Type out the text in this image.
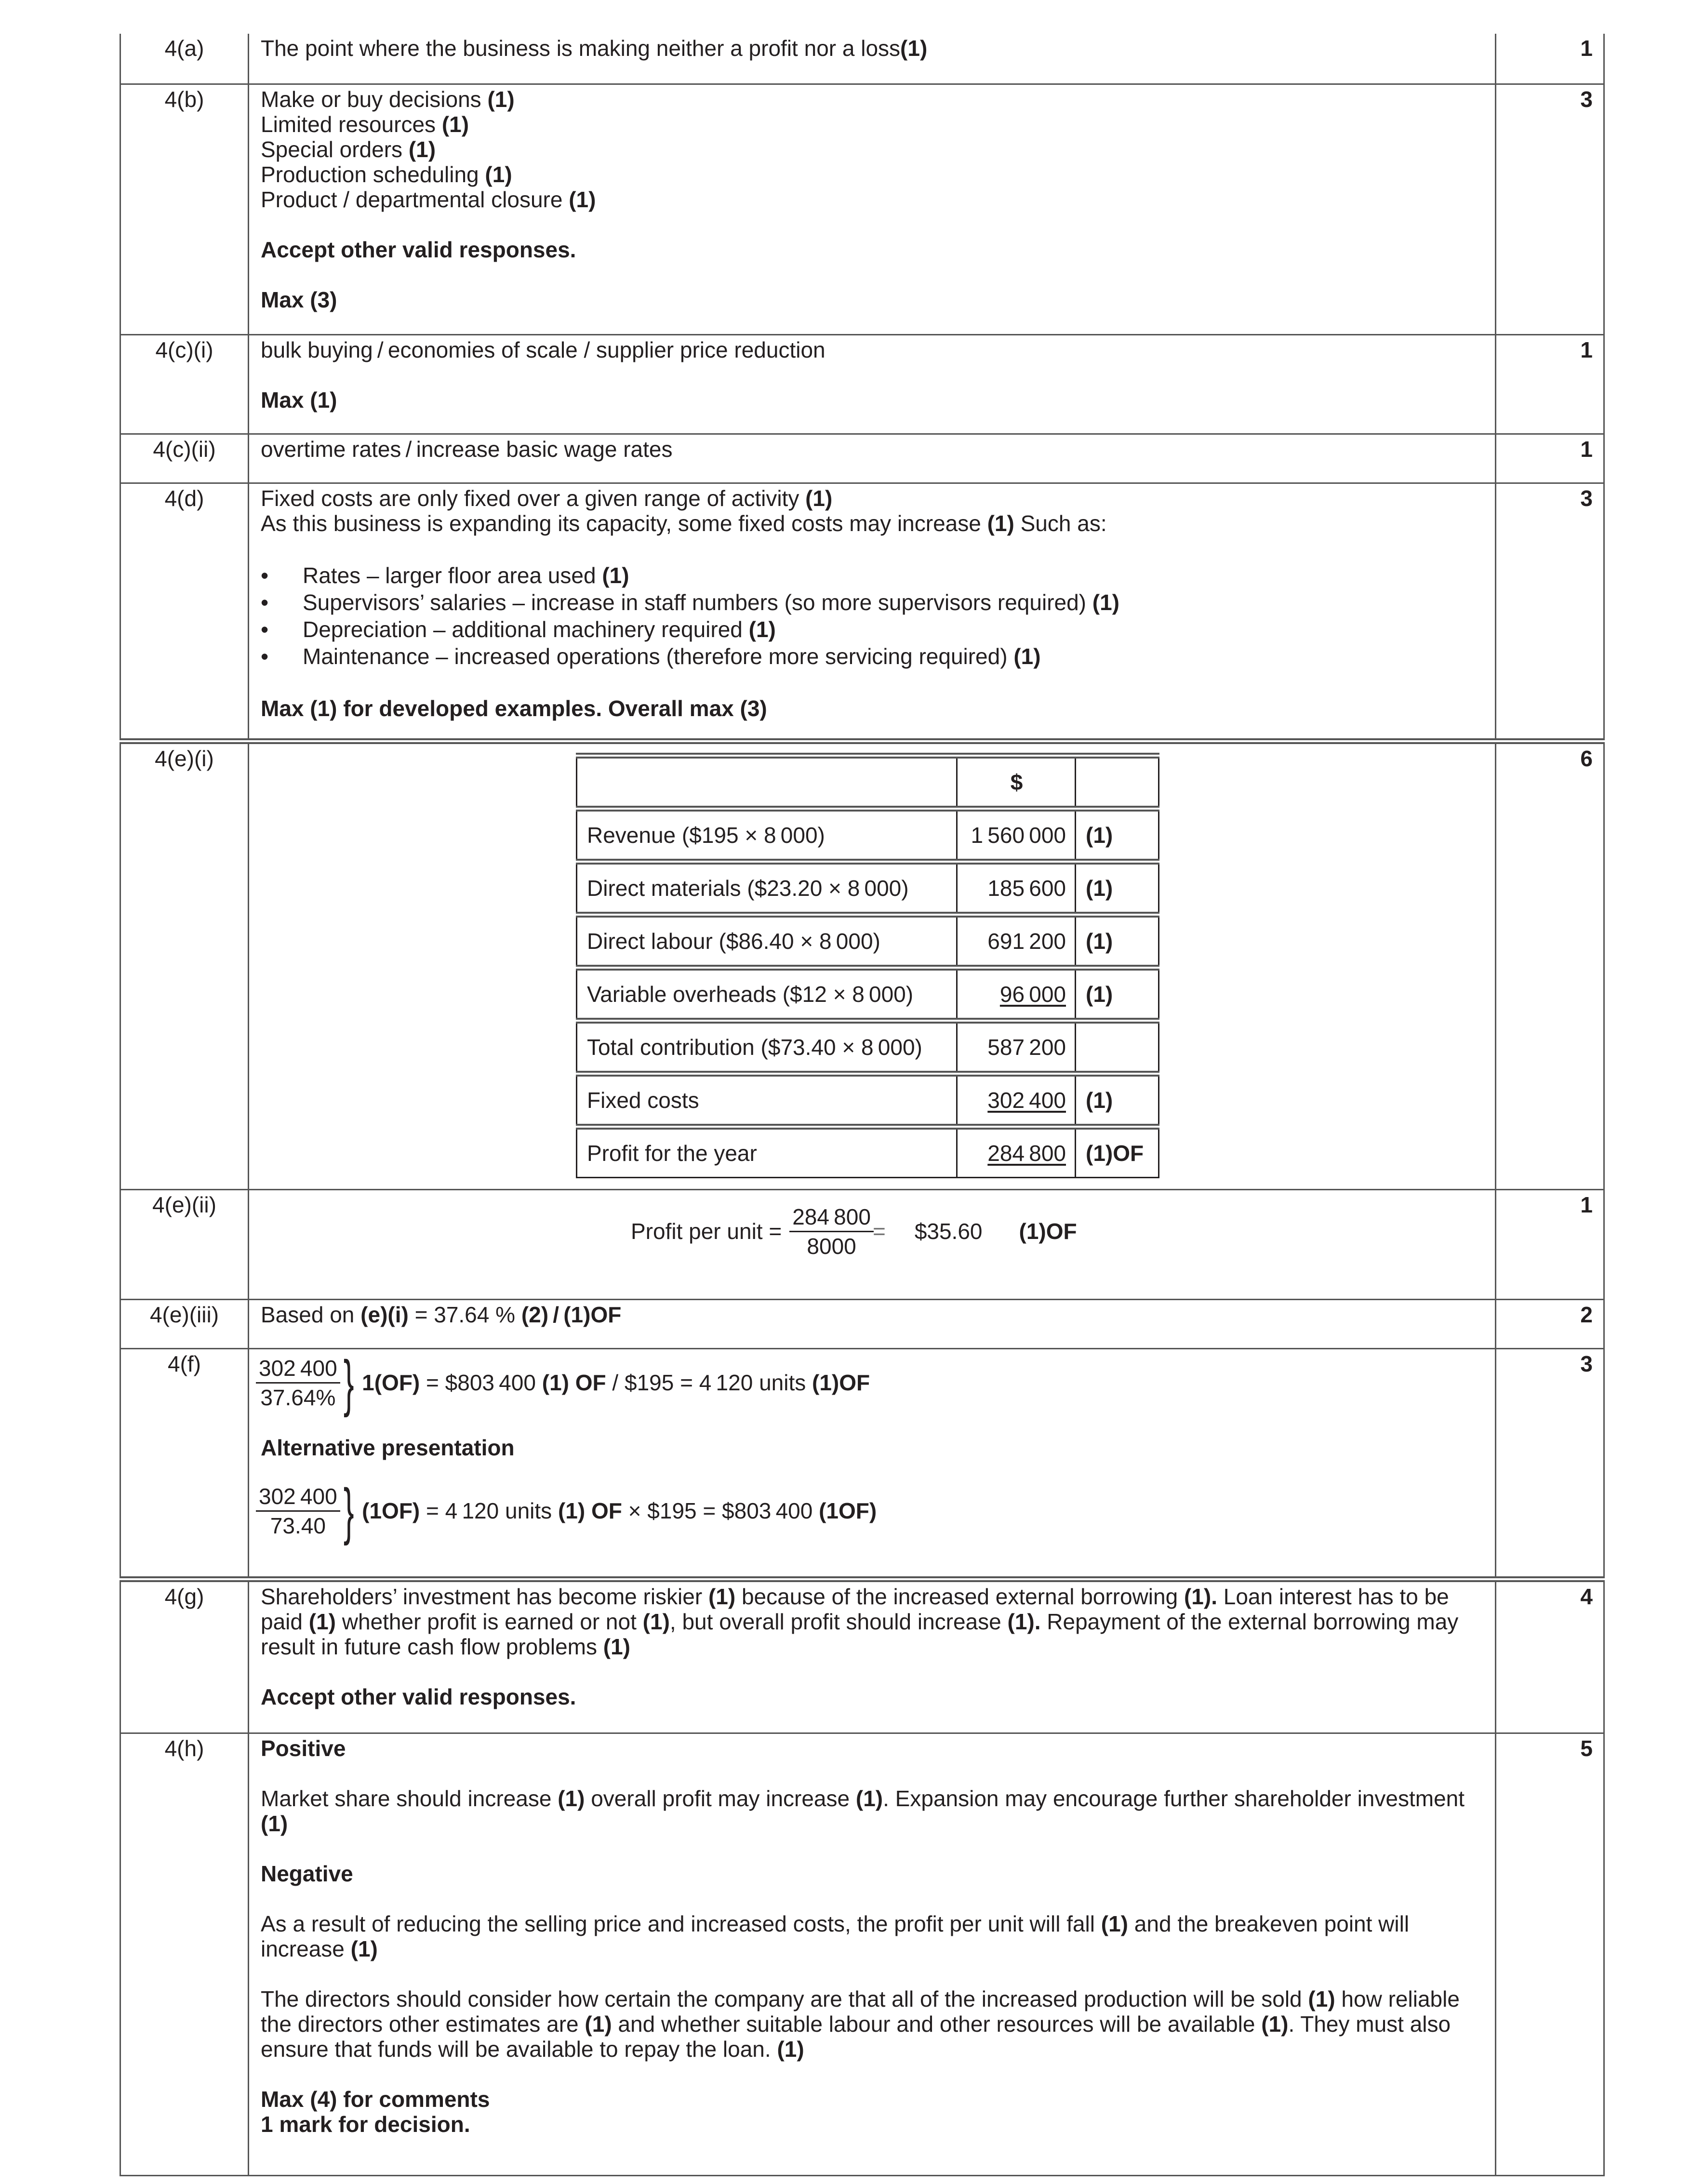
4(a)	The point where the business is making neither a profit nor a loss(1)	1
4(b)	Make or buy decisions (1)
Limited resources (1)
Special orders (1)
Production scheduling (1)
Product / departmental closure (1)
Accept other valid responses.
Max (3)
	3
4(c)(i)	bulk buying / economies of scale / supplier price reduction
Max (1)
	1
4(c)(ii)	overtime rates / increase basic wage rates	1
4(d)	Fixed costs are only fixed over a given range of activity (1)
As this business is expanding its capacity, some fixed costs may increase (1) Such as:
• Rates – larger floor area used (1)
• Supervisors’ salaries – increase in staff numbers (so more supervisors required) (1)
• Depreciation – additional machinery required (1)
• Maintenance – increased operations (therefore more servicing required) (1)
Max (1) for developed examples. Overall max (3)
	3
4(e)(i)	
	$	
Revenue ($195 × 8 000)	1 560 000	(1)
Direct materials ($23.20 × 8 000)	185 600	(1)
Direct labour ($86.40 × 8 000)	691 200	(1)
Variable overheads ($12 × 8 000)	96 000	(1)
Total contribution ($73.40 × 8 000)	587 200	
Fixed costs	302 400	(1)
Profit for the year	284 800	(1)OF
	6
4(e)(ii)	
Profit per unit = $\frac{284 800}{8000}$
= $35.60 (1)OF
	1
4(e)(iii)	Based on (e)(i) = 37.64 % (2) / (1)OF	2
4(f)	$\frac{302 400}{37.64\%}$ } 1(OF) = $803 400 (1) OF / $195 = 4 120 units (1)OF
Alternative presentation
$\frac{302 400}{73.40}$ } (1OF) = 4 120 units (1) OF × $195 = $803 400 (1OF)
	3
4(g)	Shareholders’ investment has become riskier (1) because of the increased external borrowing (1). Loan interest has to be paid (1) whether profit is earned or not (1), but overall profit should increase (1). Repayment of the external borrowing may result in future cash flow problems (1)
Accept other valid responses.
	4
4(h)	Positive
Market share should increase (1) overall profit may increase (1). Expansion may encourage further shareholder investment (1)
Negative
As a result of reducing the selling price and increased costs, the profit per unit will fall (1) and the breakeven point will increase (1)
The directors should consider how certain the company are that all of the increased production will be sold (1) how reliable the directors other estimates are (1) and whether suitable labour and other resources will be available (1). They must also ensure that funds will be available to repay the loan. (1)
Max (4) for comments
1 mark for decision.
	5
